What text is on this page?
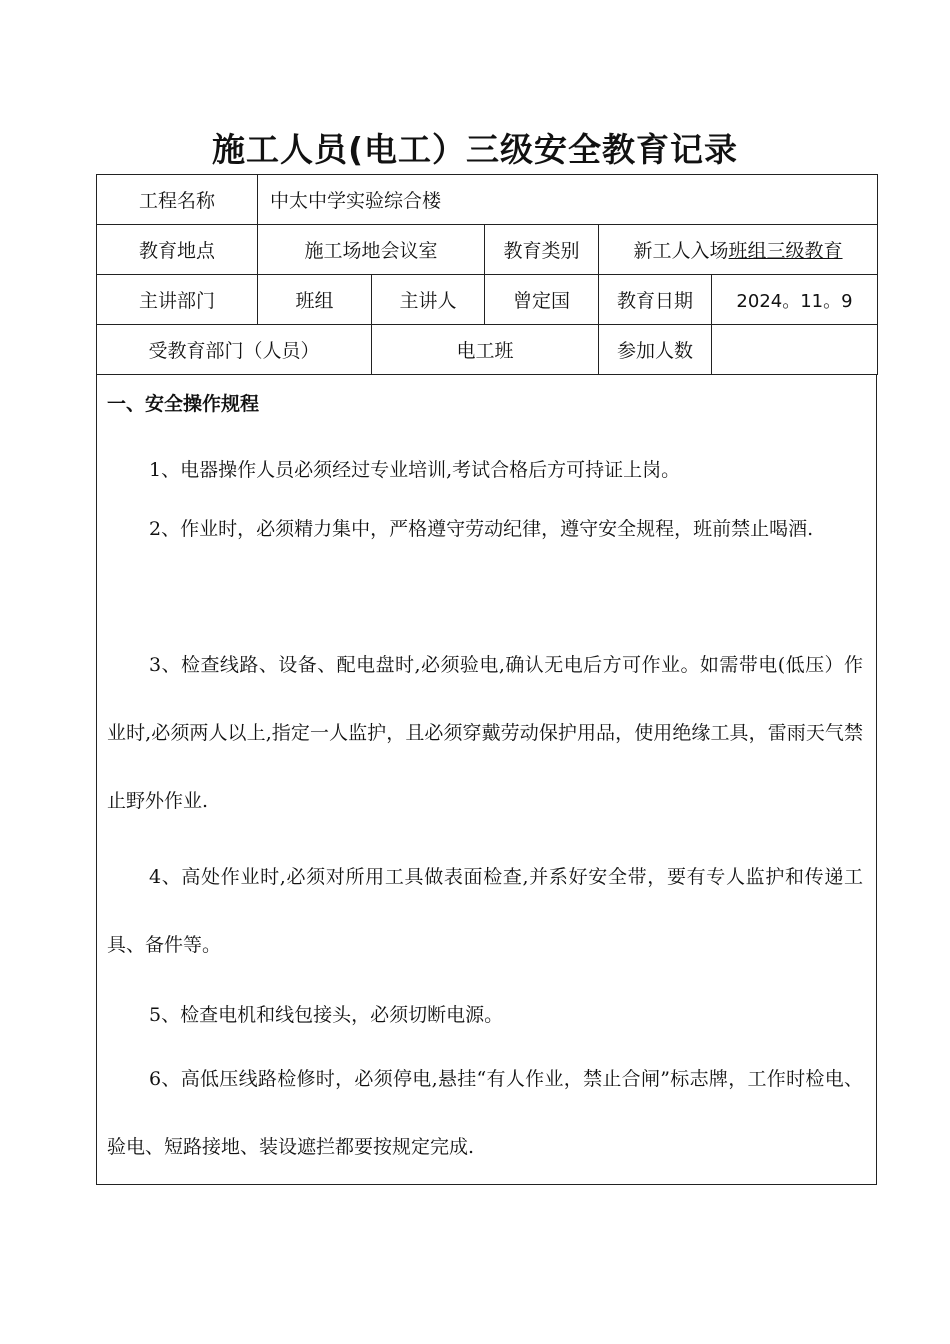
施工人员(电工）三级安全教育记录
工程名称	中太中学实验综合楼				
教育地点	施工场地会议室		教育类别	新工人入场班组三级教育	
主讲部门	班组	主讲人	曾定国	教育日期	2024。11。9
受教育部门（人员）		电工班		参加人数	
一、安全操作规程

1、电器操作人员必须经过专业培训,考试合格后方可持证上岗。

2、作业时，必须精力集中，严格遵守劳动纪律，遵守安全规程，班前禁止喝酒.

3、检查线路、设备、配电盘时,必须验电,确认无电后方可作业。如需带电(低压）作业时,必须两人以上,指定一人监护，且必须穿戴劳动保护用品，使用绝缘工具，雷雨天气禁止野外作业.

4、高处作业时,必须对所用工具做表面检查,并系好安全带，要有专人监护和传递工具、备件等。

5、检查电机和线包接头，必须切断电源。

6、高低压线路检修时，必须停电,悬挂“有人作业，禁止合闸”标志牌，工作时检电、验电、短路接地、装设遮拦都要按规定完成.
